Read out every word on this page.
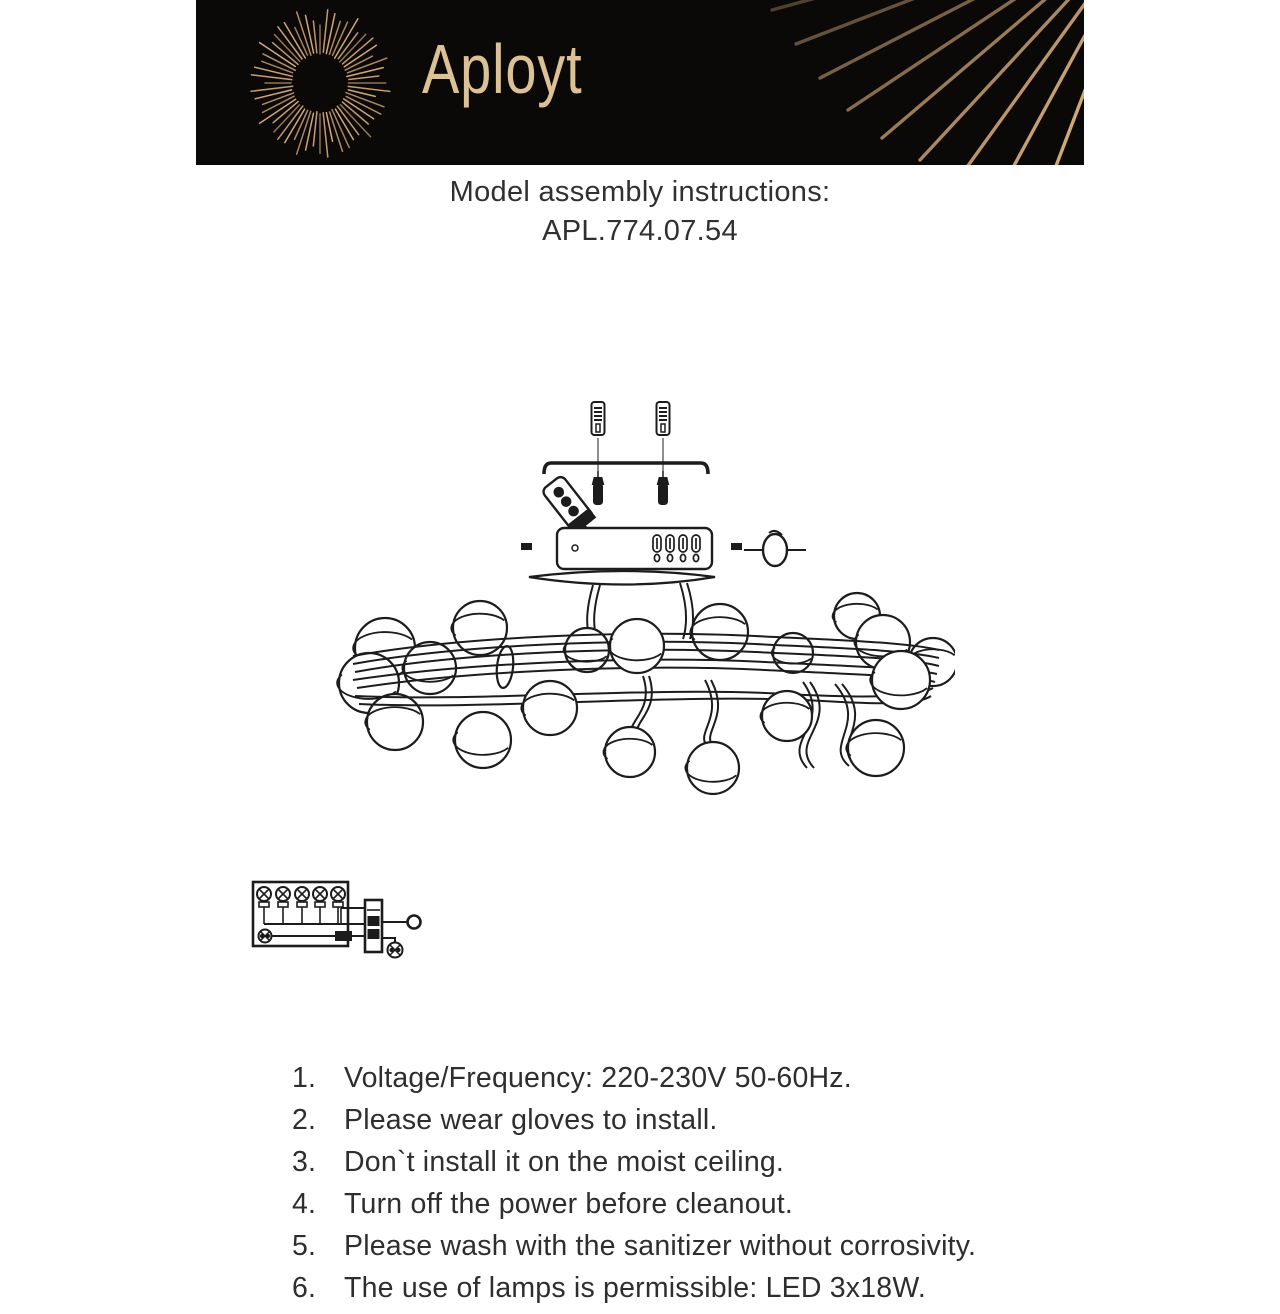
Aployt
Model assembly instructions:
APL.774.07.54
1. Voltage/Frequency: 220-230V 50-60Hz.
2. Please wear gloves to install.
3. Don`t install it on the moist ceiling.
4. Turn off the power before cleanout.
5. Please wash with the sanitizer without corrosivity.
6. The use of lamps is permissible: LED 3x18W.
